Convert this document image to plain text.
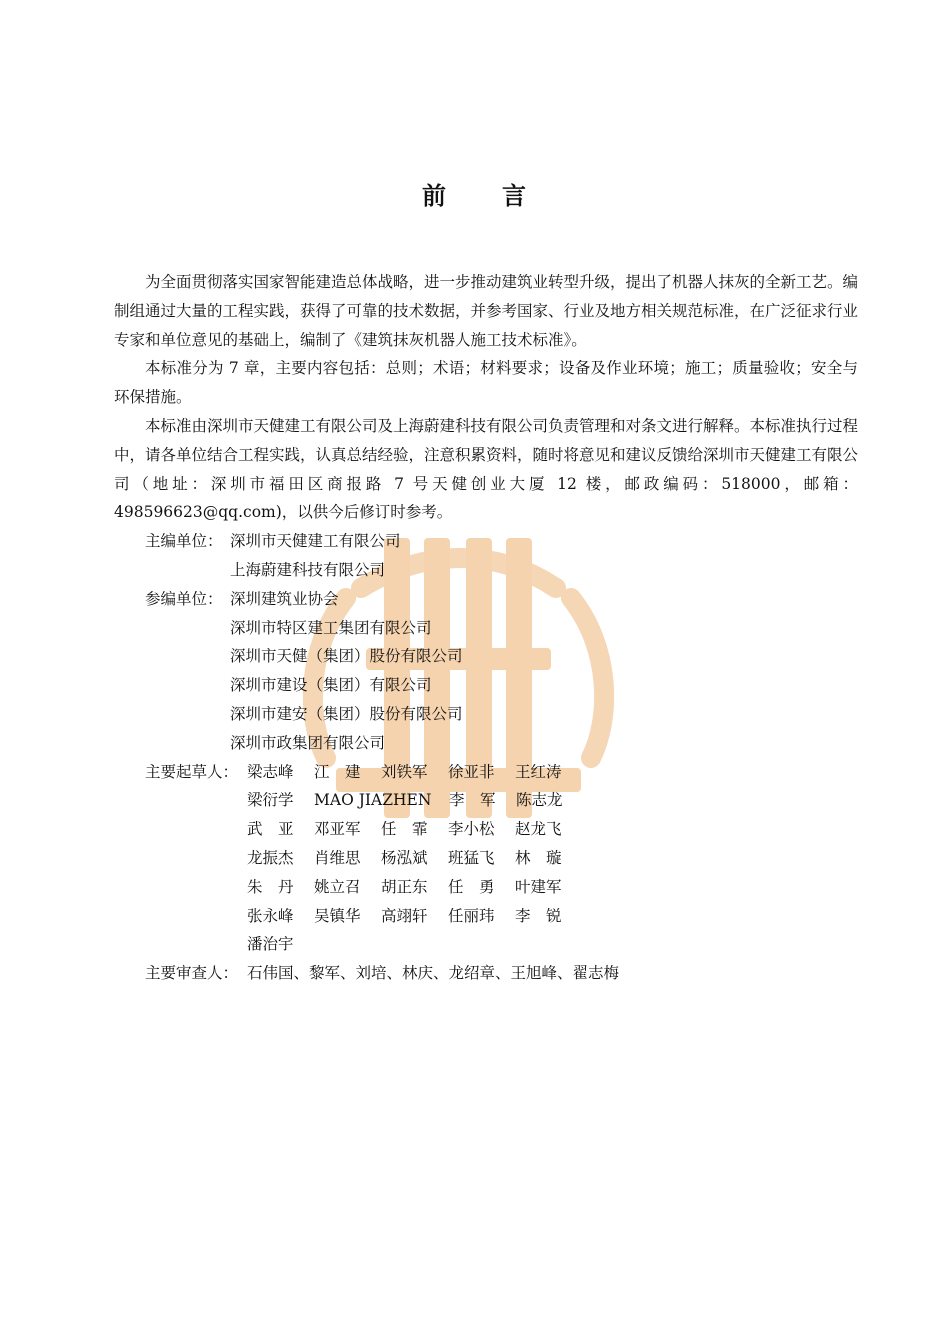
前 言

为全面贯彻落实国家智能建造总体战略，进一步推动建筑业转型升级，提出了机器人抹灰的全新工艺。编制组通过大量的工程实践，获得了可靠的技术数据，并参考国家、行业及地方相关规范标准，在广泛征求行业专家和单位意见的基础上，编制了《建筑抹灰机器人施工技术标准》。

本标准分为 7 章，主要内容包括：总则；术语；材料要求；设备及作业环境；施工；质量验收；安全与环保措施。

本标准由深圳市天健建工有限公司及上海蔚建科技有限公司负责管理和对条文进行解释。本标准执行过程中，请各单位结合工程实践，认真总结经验，注意积累资料，随时将意见和建议反馈给深圳市天健建工有限公司（地址：深圳市福田区商报路 7 号天健创业大厦 12 楼，邮政编码：518000，邮箱：498596623@qq.com)，以供今后修订时参考。

主编单位： 深圳市天健建工有限公司
上海蔚建科技有限公司
参编单位： 深圳建筑业协会
深圳市特区建工集团有限公司
深圳市天健（集团）股份有限公司
深圳市建设（集团）有限公司
深圳市建安（集团）股份有限公司
深圳市政集团有限公司
主要起草人： 梁志峰	江　建	刘铁军	徐亚非	王红涛
梁衍学	MAO JIAZHEN	李　军	陈志龙
武　亚	邓亚军	任　霏	李小松	赵龙飞
龙振杰	肖维思	杨泓斌	班猛飞	林　璇
朱　丹	姚立召	胡正东	任　勇	叶建军
张永峰	吴镇华	高翊轩	任丽玮	李　锐
潘治宇
主要审查人： 石伟国、黎军、刘培、林庆、龙绍章、王旭峰、翟志梅
